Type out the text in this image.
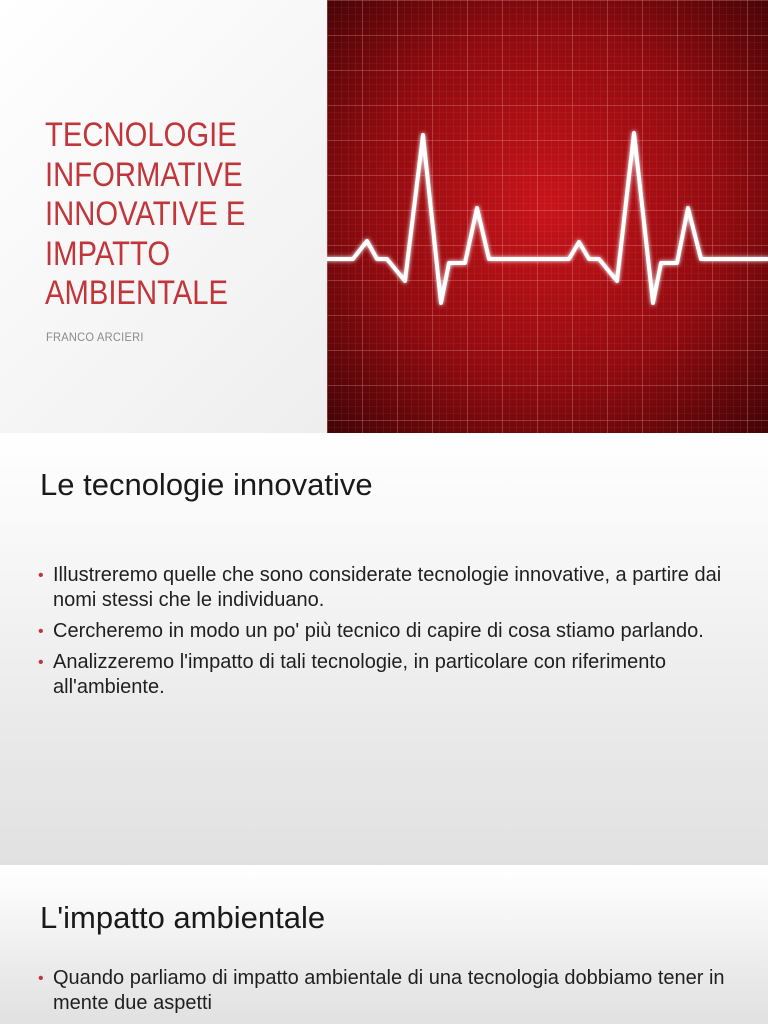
TECNOLOGIE
INFORMATIVE
INNOVATIVE E
IMPATTO
AMBIENTALE
FRANCO ARCIERI
Le tecnologie innovative
• Illustreremo quelle che sono considerate tecnologie innovative, a partire dai nomi stessi che le individuano.
• Cercheremo in modo un po' più tecnico di capire di cosa stiamo parlando.
• Analizzeremo l'impatto di tali tecnologie, in particolare con riferimento all'ambiente.
L'impatto ambientale
• Quando parliamo di impatto ambientale di una tecnologia dobbiamo tener in mente due aspetti
